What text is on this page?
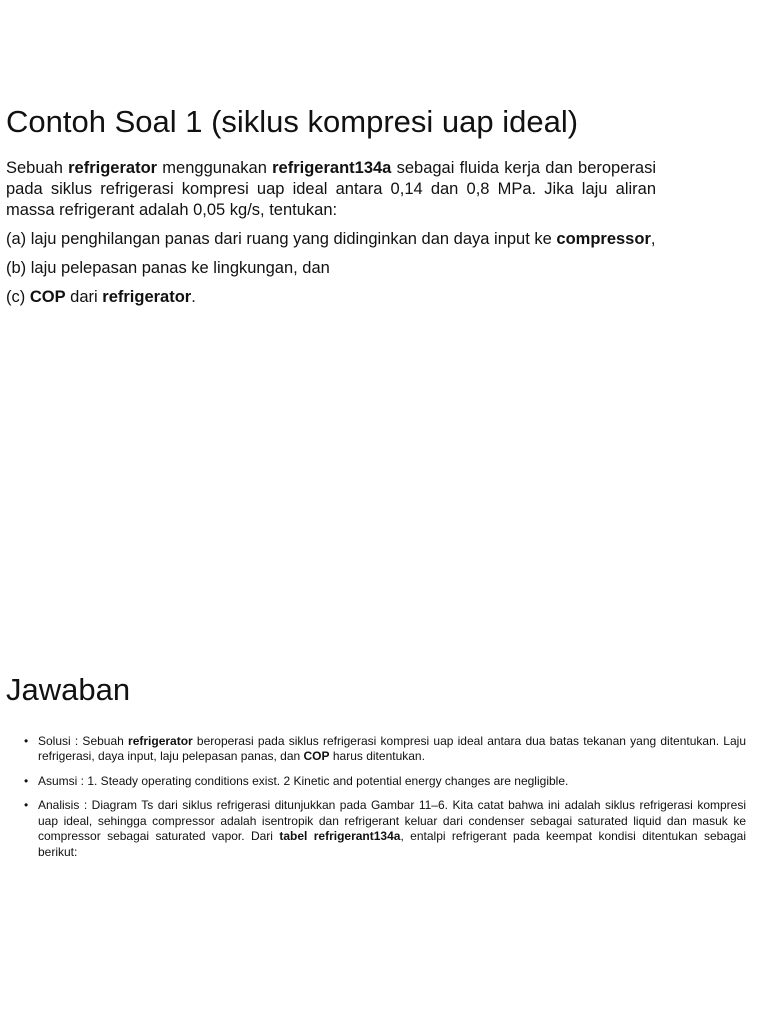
Contoh Soal 1 (siklus kompresi uap ideal)

Sebuah refrigerator menggunakan refrigerant134a sebagai fluida kerja dan beroperasi pada siklus refrigerasi kompresi uap ideal antara 0,14 dan 0,8 MPa. Jika laju aliran massa refrigerant adalah 0,05 kg/s, tentukan:

(a) laju penghilangan panas dari ruang yang didinginkan dan daya input ke compressor,

(b) laju pelepasan panas ke lingkungan, dan

(c) COP dari refrigerator.

Jawaban
• Solusi : Sebuah refrigerator beroperasi pada siklus refrigerasi kompresi uap ideal antara dua batas tekanan yang ditentukan. Laju refrigerasi, daya input, laju pelepasan panas, dan COP harus ditentukan.
• Asumsi : 1. Steady operating conditions exist. 2 Kinetic and potential energy changes are negligible.
• Analisis : Diagram Ts dari siklus refrigerasi ditunjukkan pada Gambar 11–6. Kita catat bahwa ini adalah siklus refrigerasi kompresi uap ideal, sehingga compressor adalah isentropik dan refrigerant keluar dari condenser sebagai saturated liquid dan masuk ke compressor sebagai saturated vapor. Dari tabel refrigerant134a, entalpi refrigerant pada keempat kondisi ditentukan sebagai berikut:
